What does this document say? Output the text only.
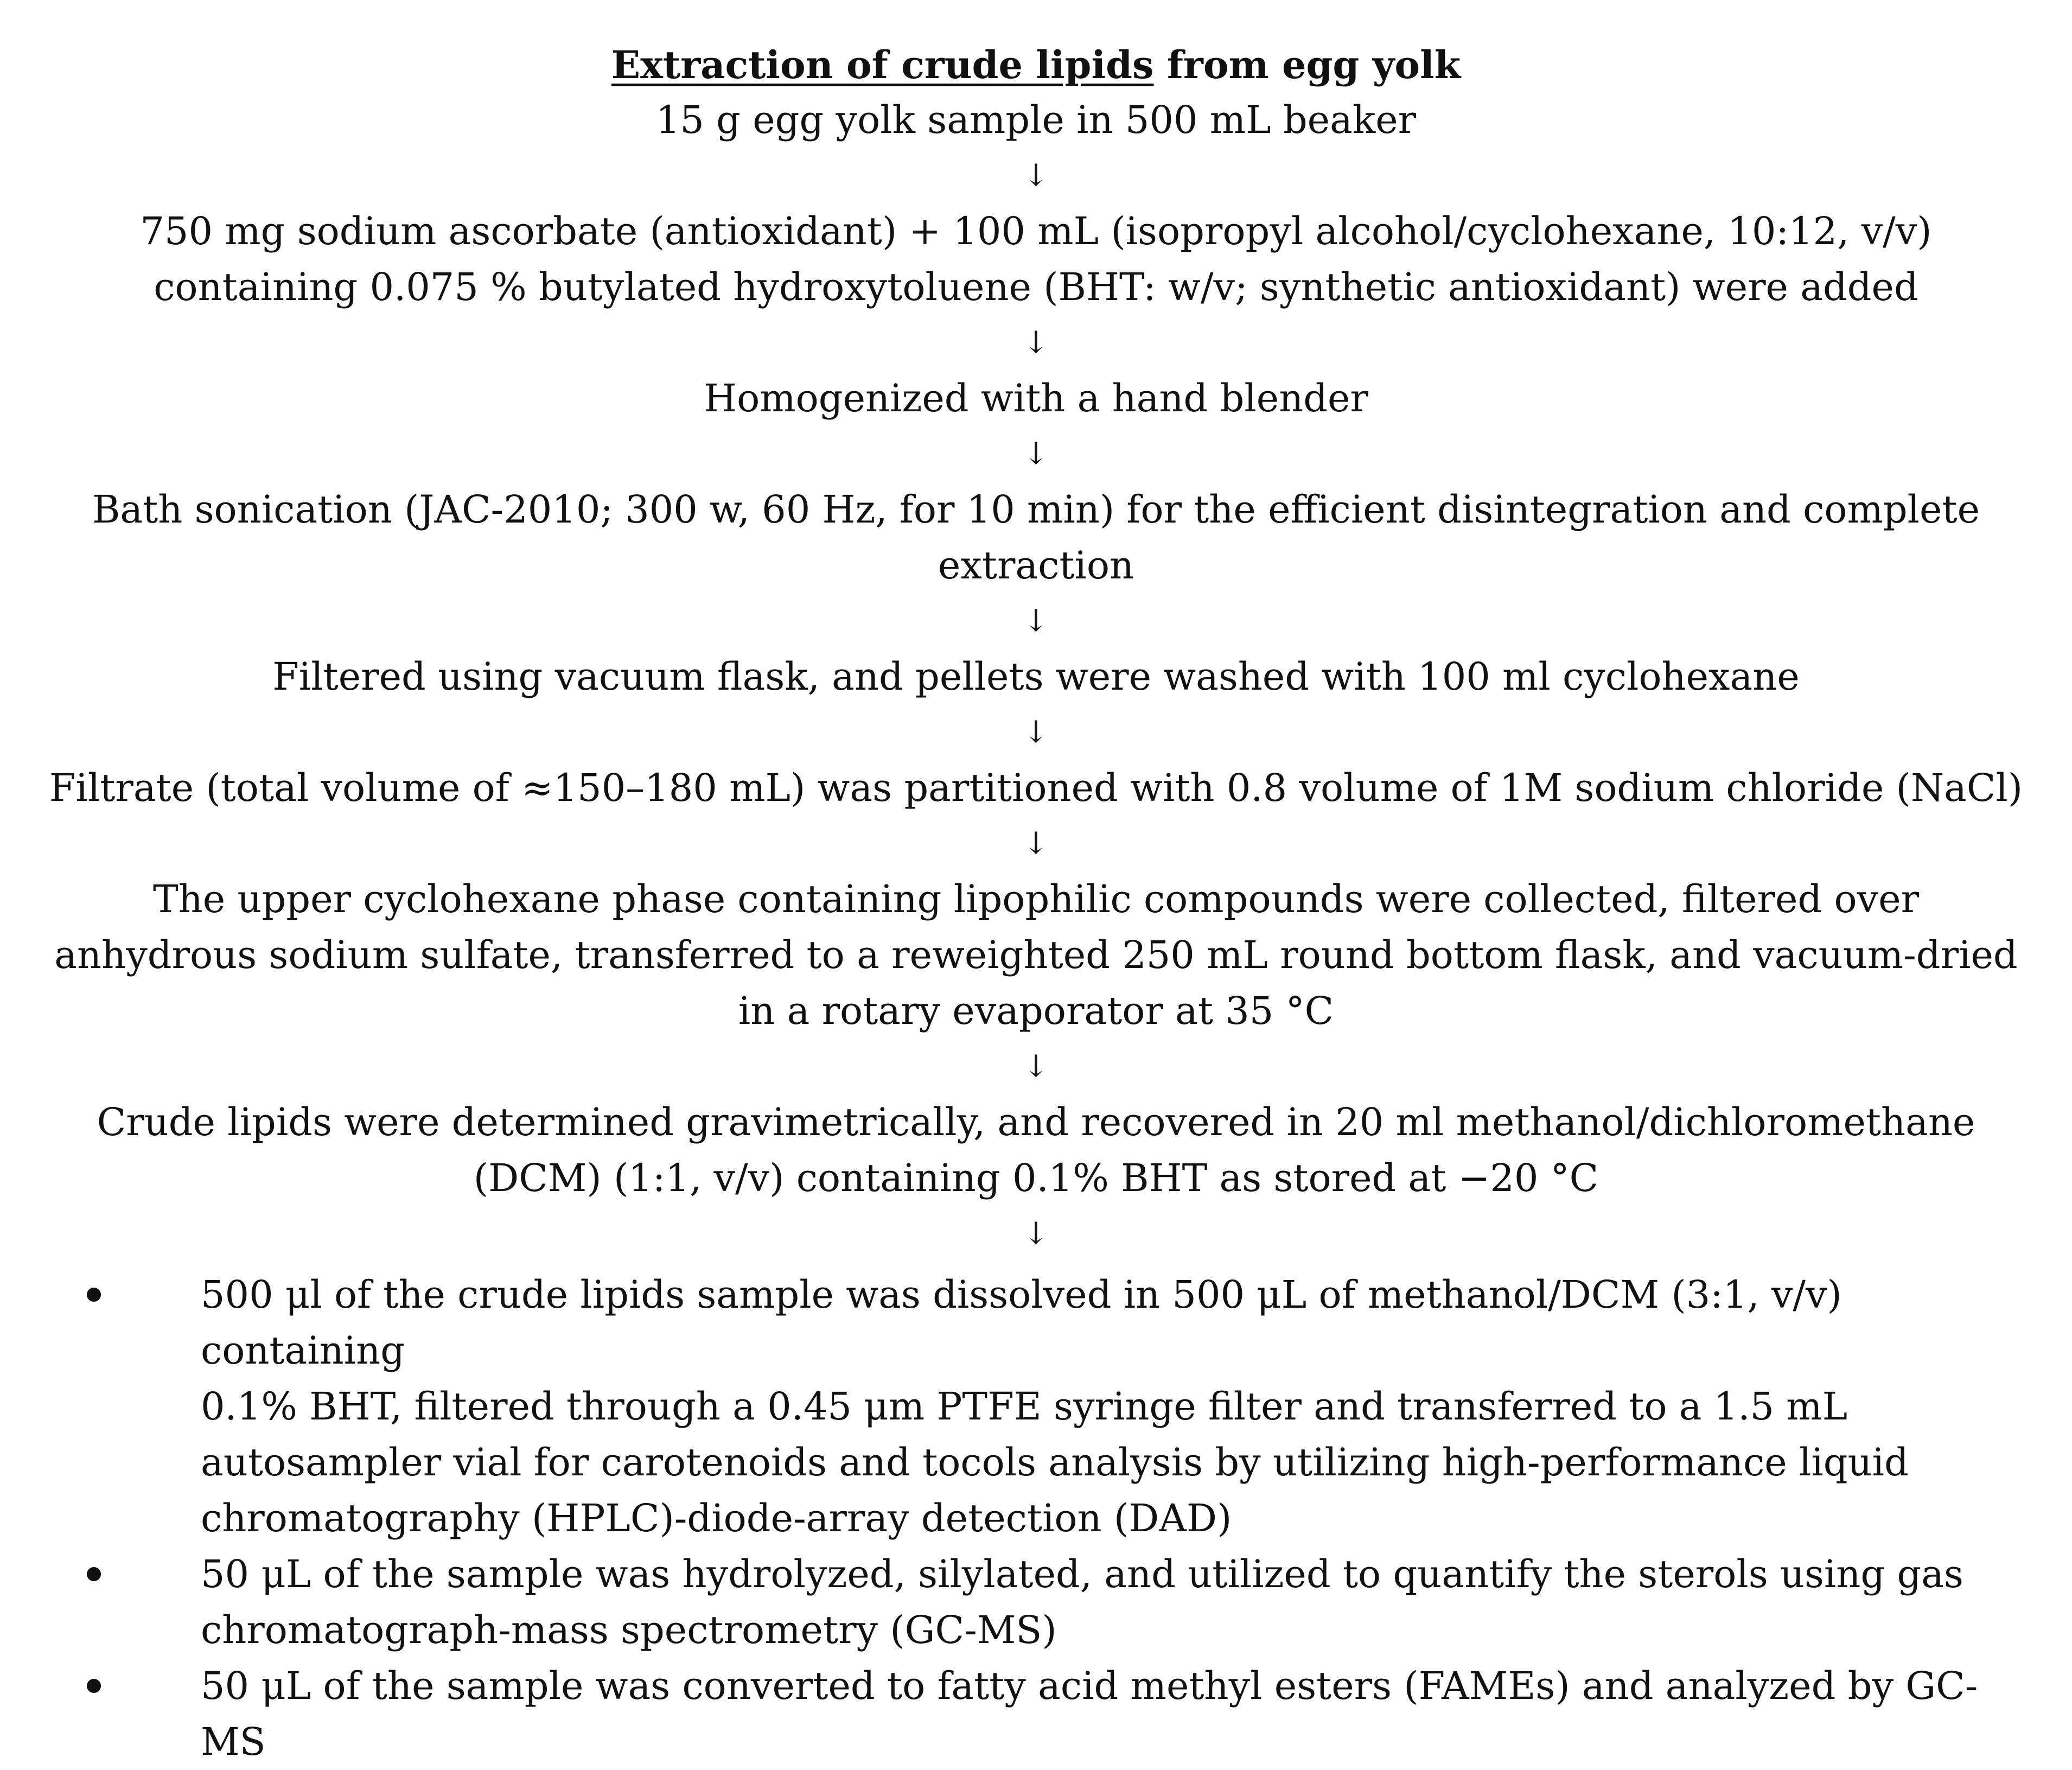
Extraction of crude lipids from egg yolk

15 g egg yolk sample in 500 mL beaker

↓

750 mg sodium ascorbate (antioxidant) + 100 mL (isopropyl alcohol/cyclohexane, 10:12, v/v)
containing 0.075 % butylated hydroxytoluene (BHT: w/v; synthetic antioxidant) were added

↓

Homogenized with a hand blender

↓

Bath sonication (JAC-2010; 300 w, 60 Hz, for 10 min) for the efficient disintegration and complete
extraction

↓

Filtered using vacuum flask, and pellets were washed with 100 ml cyclohexane

↓

Filtrate (total volume of ≈150–180 mL) was partitioned with 0.8 volume of 1M sodium chloride (NaCl)

↓

The upper cyclohexane phase containing lipophilic compounds were collected, filtered over
anhydrous sodium sulfate, transferred to a reweighted 250 mL round bottom flask, and vacuum-dried
in a rotary evaporator at 35 °C

↓

Crude lipids were determined gravimetrically, and recovered in 20 ml methanol/dichloromethane
(DCM) (1:1, v/v) containing 0.1% BHT as stored at −20 °C

↓

500 μl of the crude lipids sample was dissolved in 500 μL of methanol/DCM (3:1, v/v) containing
0.1% BHT, filtered through a 0.45 μm PTFE syringe filter and transferred to a 1.5 mL
autosampler vial for carotenoids and tocols analysis by utilizing high-performance liquid
chromatography (HPLC)-diode-array detection (DAD)
50 μL of the sample was hydrolyzed, silylated, and utilized to quantify the sterols using gas
chromatograph-mass spectrometry (GC-MS)
50 μL of the sample was converted to fatty acid methyl esters (FAMEs) and analyzed by GC-MS
